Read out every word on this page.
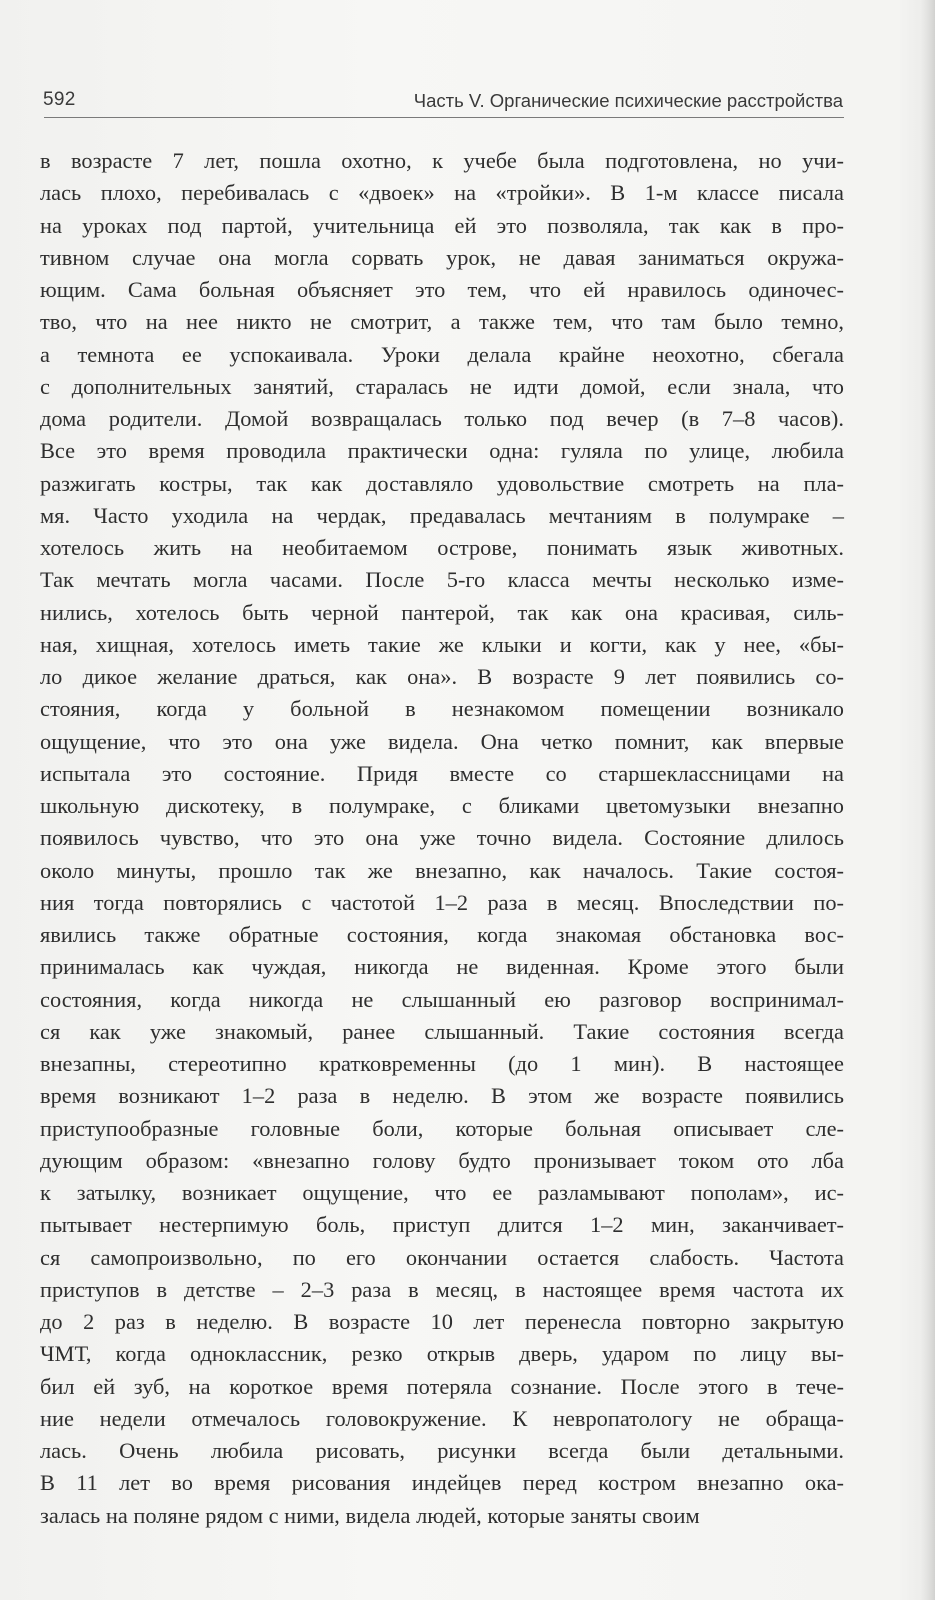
592	Часть V. Органические психические расстройства
в возрасте 7 лет, пошла охотно, к учебе была подготовлена, но учи-
лась плохо, перебивалась с «двоек» на «тройки». В 1-м классе писала
на уроках под партой, учительница ей это позволяла, так как в про-
тивном случае она могла сорвать урок, не давая заниматься окружа-
ющим. Сама больная объясняет это тем, что ей нравилось одиночес-
тво, что на нее никто не смотрит, а также тем, что там было темно,
а темнота ее успокаивала. Уроки делала крайне неохотно, сбегала
с дополнительных занятий, старалась не идти домой, если знала, что
дома родители. Домой возвращалась только под вечер (в 7–8 часов).
Все это время проводила практически одна: гуляла по улице, любила
разжигать костры, так как доставляло удовольствие смотреть на пла-
мя. Часто уходила на чердак, предавалась мечтаниям в полумраке –
хотелось жить на необитаемом острове, понимать язык животных.
Так мечтать могла часами. После 5-го класса мечты несколько изме-
нились, хотелось быть черной пантерой, так как она красивая, силь-
ная, хищная, хотелось иметь такие же клыки и когти, как у нее, «бы-
ло дикое желание драться, как она». В возрасте 9 лет появились со-
стояния, когда у больной в незнакомом помещении возникало
ощущение, что это она уже видела. Она четко помнит, как впервые
испытала это состояние. Придя вместе со старшеклассницами на
школьную дискотеку, в полумраке, с бликами цветомузыки внезапно
появилось чувство, что это она уже точно видела. Состояние длилось
около минуты, прошло так же внезапно, как началось. Такие состоя-
ния тогда повторялись с частотой 1–2 раза в месяц. Впоследствии по-
явились также обратные состояния, когда знакомая обстановка вос-
принималась как чуждая, никогда не виденная. Кроме этого были
состояния, когда никогда не слышанный ею разговор воспринимал-
ся как уже знакомый, ранее слышанный. Такие состояния всегда
внезапны, стереотипно кратковременны (до 1 мин). В настоящее
время возникают 1–2 раза в неделю. В этом же возрасте появились
приступообразные головные боли, которые больная описывает сле-
дующим образом: «внезапно голову будто пронизывает током ото лба
к затылку, возникает ощущение, что ее разламывают пополам», ис-
пытывает нестерпимую боль, приступ длится 1–2 мин, заканчивает-
ся самопроизвольно, по его окончании остается слабость. Частота
приступов в детстве – 2–3 раза в месяц, в настоящее время частота их
до 2 раз в неделю. В возрасте 10 лет перенесла повторно закрытую
ЧМТ, когда одноклассник, резко открыв дверь, ударом по лицу вы-
бил ей зуб, на короткое время потеряла сознание. После этого в тече-
ние недели отмечалось головокружение. К невропатологу не обраща-
лась. Очень любила рисовать, рисунки всегда были детальными.
В 11 лет во время рисования индейцев перед костром внезапно ока-
залась на поляне рядом с ними, видела людей, которые заняты своим
